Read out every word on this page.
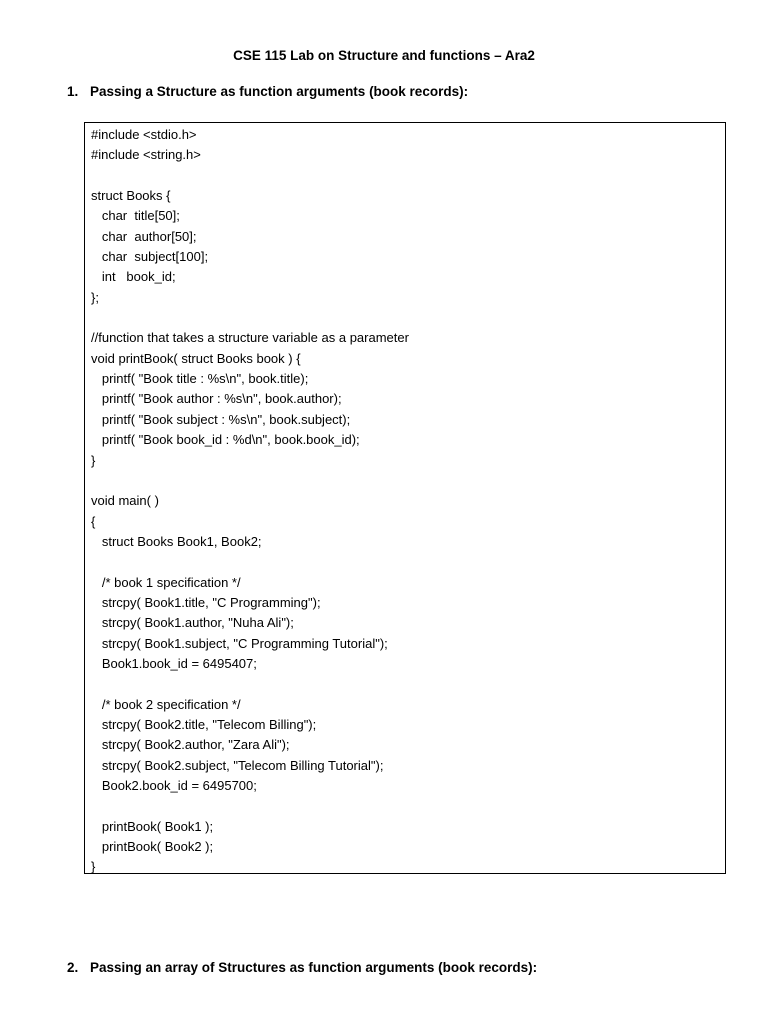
CSE 115 Lab on Structure and functions – Ara2
1. Passing a Structure as function arguments (book records):
#include <stdio.h>
#include <string.h>
struct Books {
char  title[50];
char  author[50];
char  subject[100];
int   book_id;
};
//function that takes a structure variable as a parameter
void printBook( struct Books book ) {
printf( "Book title : %s\n", book.title);
printf( "Book author : %s\n", book.author);
printf( "Book subject : %s\n", book.subject);
printf( "Book book_id : %d\n", book.book_id);
}
void main( )
{
struct Books Book1, Book2;
/* book 1 specification */
strcpy( Book1.title, "C Programming");
strcpy( Book1.author, "Nuha Ali");
strcpy( Book1.subject, "C Programming Tutorial");
Book1.book_id = 6495407;
/* book 2 specification */
strcpy( Book2.title, "Telecom Billing");
strcpy( Book2.author, "Zara Ali");
strcpy( Book2.subject, "Telecom Billing Tutorial");
Book2.book_id = 6495700;
printBook( Book1 );
printBook( Book2 );
}
2. Passing an array of Structures as function arguments (book records):
